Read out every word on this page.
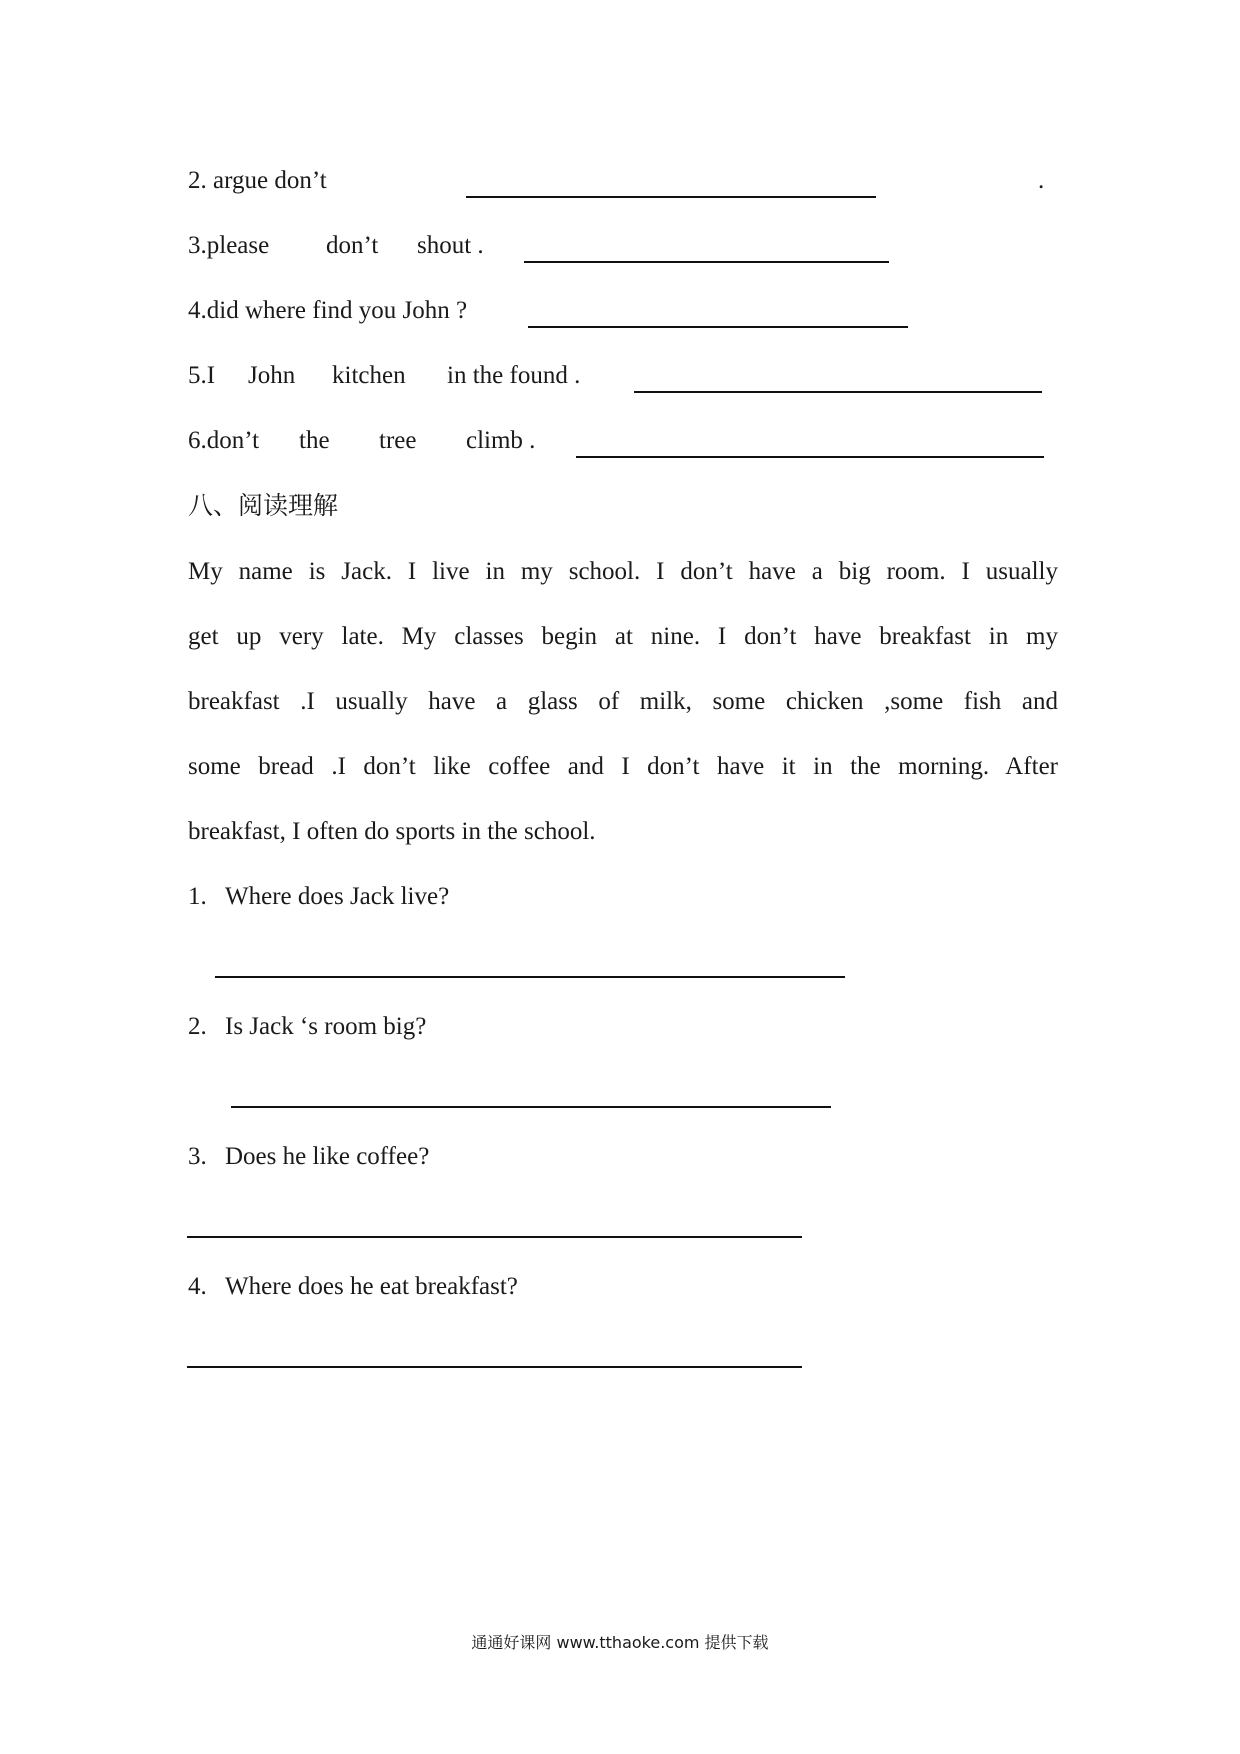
2. argue don’t	.
3.please don’t shout .
4.did where find you John ?
5.I John kitchen in the found .
6.don’t the tree climb .
八、阅读理解
My name is Jack. I live in my school. I don’t have a big room. I usually
get up very late. My classes begin at nine. I don’t have breakfast in my
breakfast .I usually have a glass of milk, some chicken ,some fish and
some bread .I don’t like coffee and I don’t have it in the morning. After
breakfast, I often do sports in the school.
1. Where does Jack live?
2. Is Jack ‘s room big?
3. Does he like coffee?
4. Where does he eat breakfast?
通通好课网 www.tthaoke.com 提供下载
